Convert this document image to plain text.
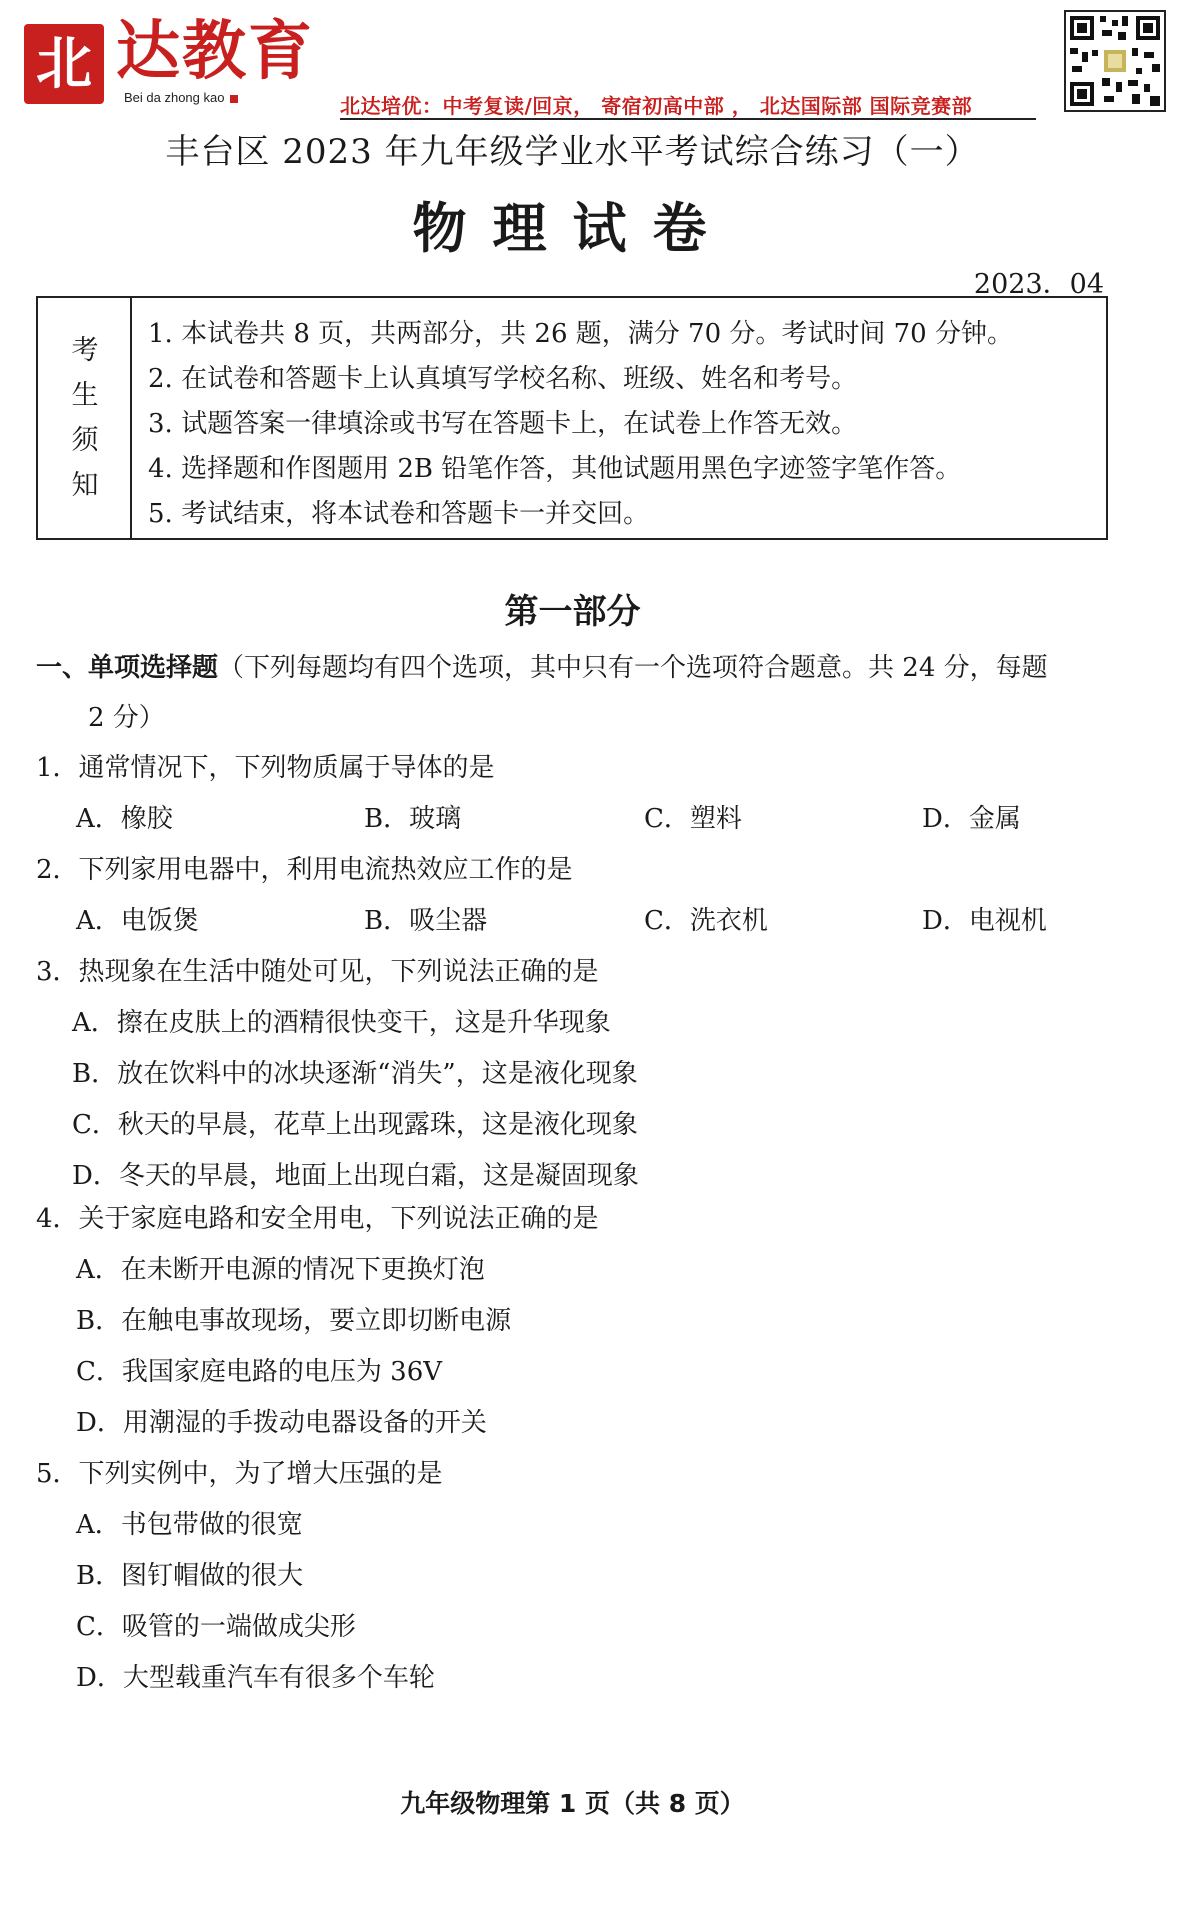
北 达教育
Bei da zhong kao	北达培优：中考复读/回京， 寄宿初高中部 ， 北达国际部 国际竞赛部
丰台区 2023 年九年级学业水平考试综合练习（一）
物理试卷
2023．04
考
生
须
知
1. 本试卷共 8 页，共两部分，共 26 题，满分 70 分。考试时间 70 分钟。
2. 在试卷和答题卡上认真填写学校名称、班级、姓名和考号。
3. 试题答案一律填涂或书写在答题卡上，在试卷上作答无效。
4. 选择题和作图题用 2B 铅笔作答，其他试题用黑色字迹签字笔作答。
5. 考试结束，将本试卷和答题卡一并交回。
第一部分
一、单项选择题（下列每题均有四个选项，其中只有一个选项符合题意。共 24 分，每题
2 分）
1．通常情况下，下列物质属于导体的是
A．橡胶	B．玻璃	C．塑料	D．金属
2．下列家用电器中，利用电流热效应工作的是
A．电饭煲	B．吸尘器	C．洗衣机	D．电视机
3．热现象在生活中随处可见，下列说法正确的是
A．擦在皮肤上的酒精很快变干，这是升华现象
B．放在饮料中的冰块逐渐“消失”，这是液化现象
C．秋天的早晨，花草上出现露珠，这是液化现象
D．冬天的早晨，地面上出现白霜，这是凝固现象
4．关于家庭电路和安全用电，下列说法正确的是
A．在未断开电源的情况下更换灯泡
B．在触电事故现场，要立即切断电源
C．我国家庭电路的电压为 36V
D．用潮湿的手拨动电器设备的开关
5．下列实例中，为了增大压强的是
A．书包带做的很宽
B．图钉帽做的很大
C．吸管的一端做成尖形
D．大型载重汽车有很多个车轮
九年级物理第 1 页（共 8 页）
